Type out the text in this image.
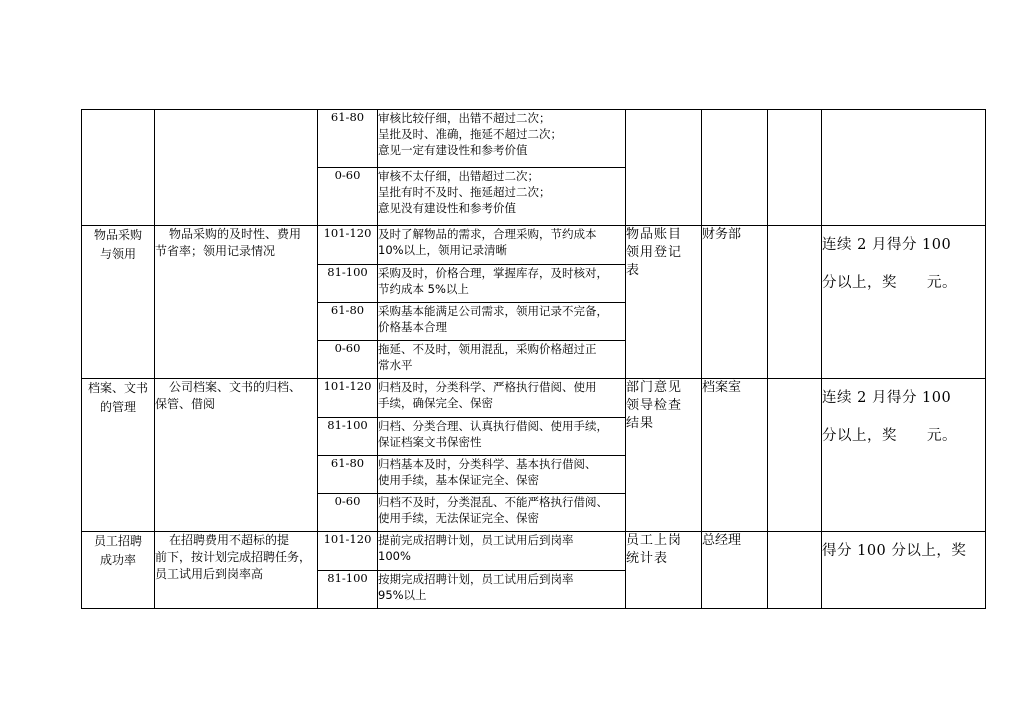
		61-80	审核比较仔细，出错不超过二次；
呈批及时、准确，拖延不超过二次；
意见一定有建设性和参考价值				

		0-60	审核不太仔细，出错超过二次；
呈批有时不及时、拖延超过二次；
意见没有建设性和参考价值				

物品采购
与领用	物品采购的及时性、费用
节省率；领用记录情况	101-120	及时了解物品的需求，合理采购，节约成本
10%以上，领用记录清晰	物品账目
领用登记
表	财务部		连续 2 月得分 100
分以上，奖　　元。

		81-100	采购及时，价格合理，掌握库存，及时核对，
节约成本 5%以上				

		61-80	采购基本能满足公司需求，领用记录不完备，
价格基本合理				

		0-60	拖延、不及时，领用混乱，采购价格超过正
常水平				

档案、文书
的管理	公司档案、文书的归档、
保管、借阅	101-120	归档及时，分类科学、严格执行借阅、使用
手续，确保完全、保密	部门意见
领导检查
结果	档案室		连续 2 月得分 100
分以上，奖　　元。

		81-100	归档、分类合理、认真执行借阅、使用手续，
保证档案文书保密性				

		61-80	归档基本及时，分类科学、基本执行借阅、
使用手续，基本保证完全、保密				

		0-60	归档不及时，分类混乱、不能严格执行借阅、
使用手续，无法保证完全、保密				

员工招聘
成功率	在招聘费用不超标的提
前下，按计划完成招聘任务，
员工试用后到岗率高	101-120	提前完成招聘计划，员工试用后到岗率
100%	员工上岗
统计表	总经理		得分 100 分以上，奖

		81-100	按期完成招聘计划，员工试用后到岗率
95%以上				
